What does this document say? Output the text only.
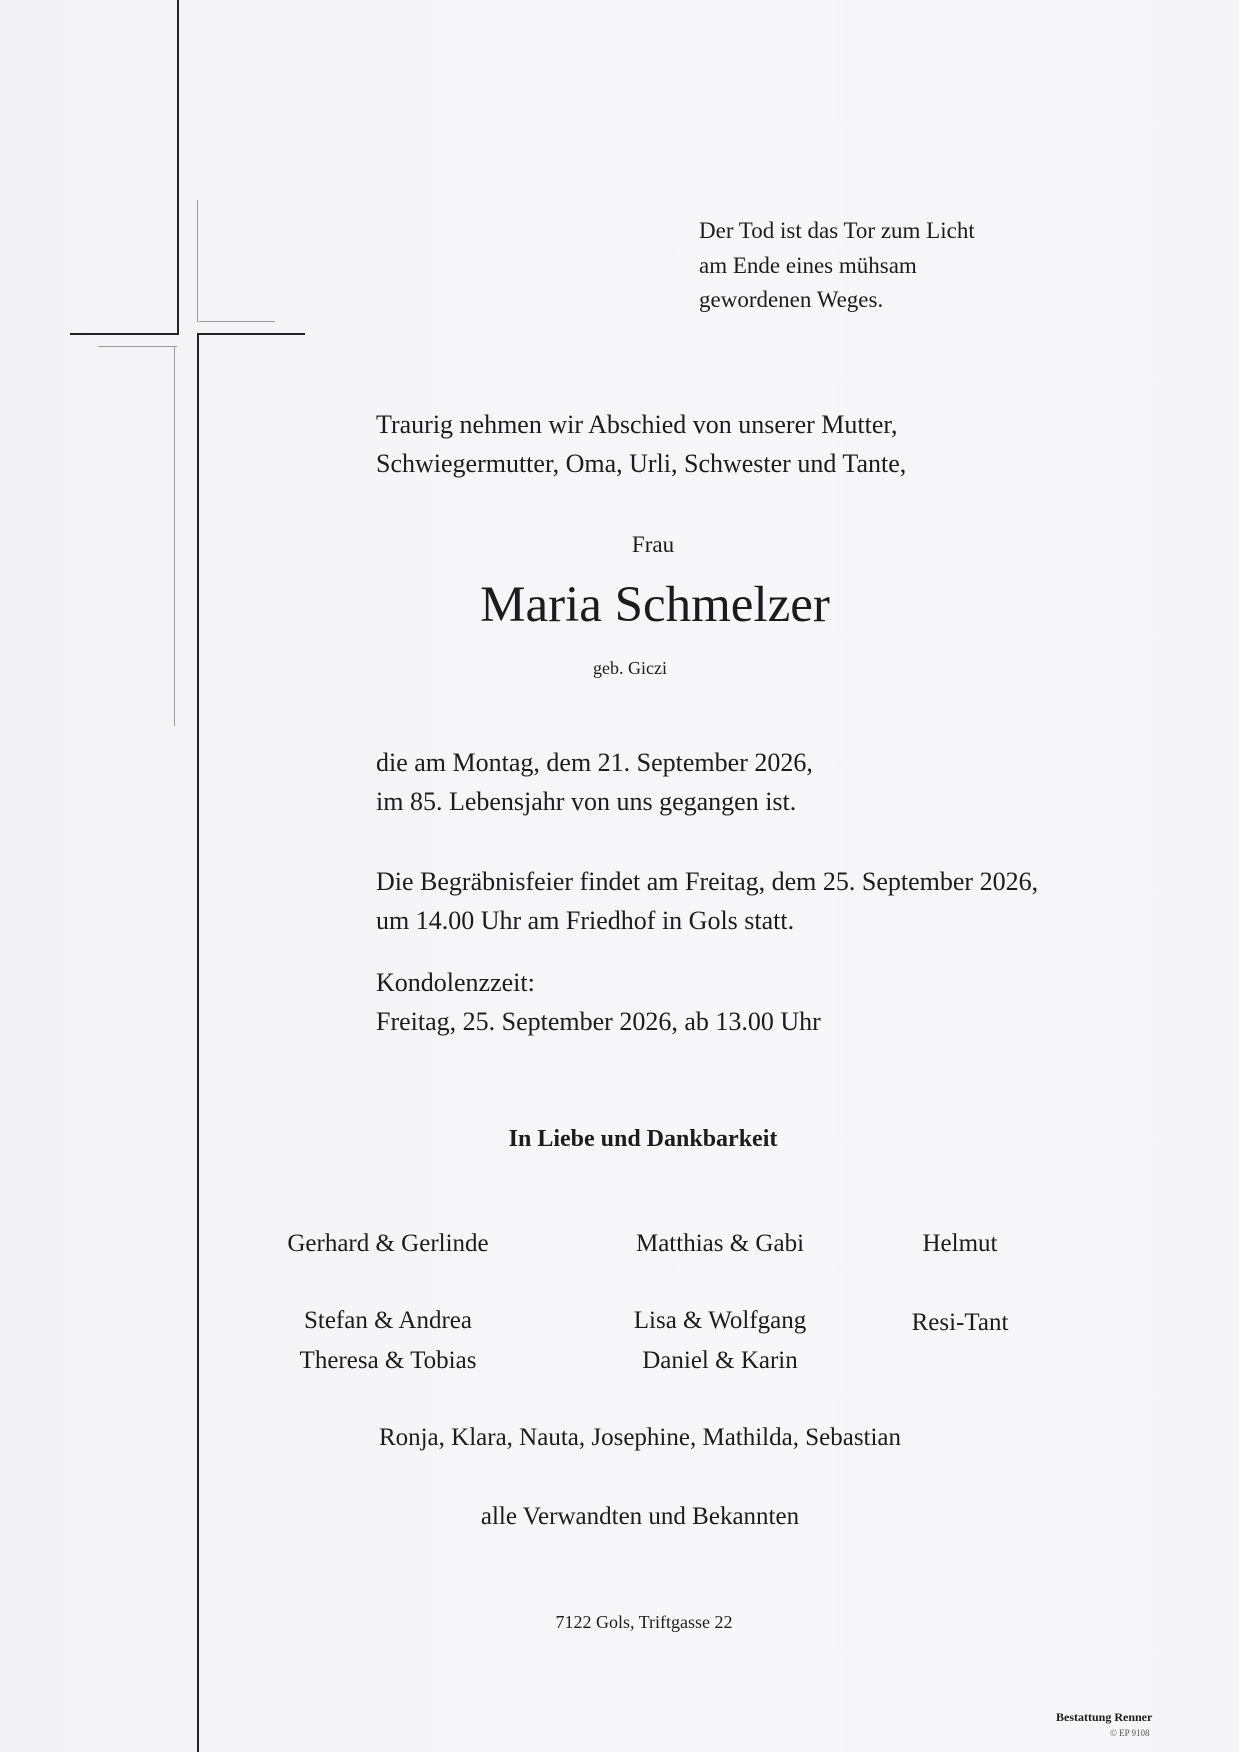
Der Tod ist das Tor zum Licht
am Ende eines mühsam
gewordenen Weges.
Traurig nehmen wir Abschied von unserer Mutter,
Schwiegermutter, Oma, Urli, Schwester und Tante,
Frau
Maria Schmelzer
geb. Giczi
die am Montag, dem 21. September 2026,
im 85. Lebensjahr von uns gegangen ist.
Die Begräbnisfeier findet am Freitag, dem 25. September 2026,
um 14.00 Uhr am Friedhof in Gols statt.
Kondolenzzeit:
Freitag, 25. September 2026, ab 13.00 Uhr
In Liebe und Dankbarkeit
Gerhard & Gerlinde
Stefan & Andrea
Theresa & Tobias
Matthias & Gabi
Lisa & Wolfgang
Daniel & Karin
Helmut
Resi-Tant
Ronja, Klara, Nauta, Josephine, Mathilda, Sebastian
alle Verwandten und Bekannten
7122 Gols, Triftgasse 22
Bestattung Renner
© EP 9108
